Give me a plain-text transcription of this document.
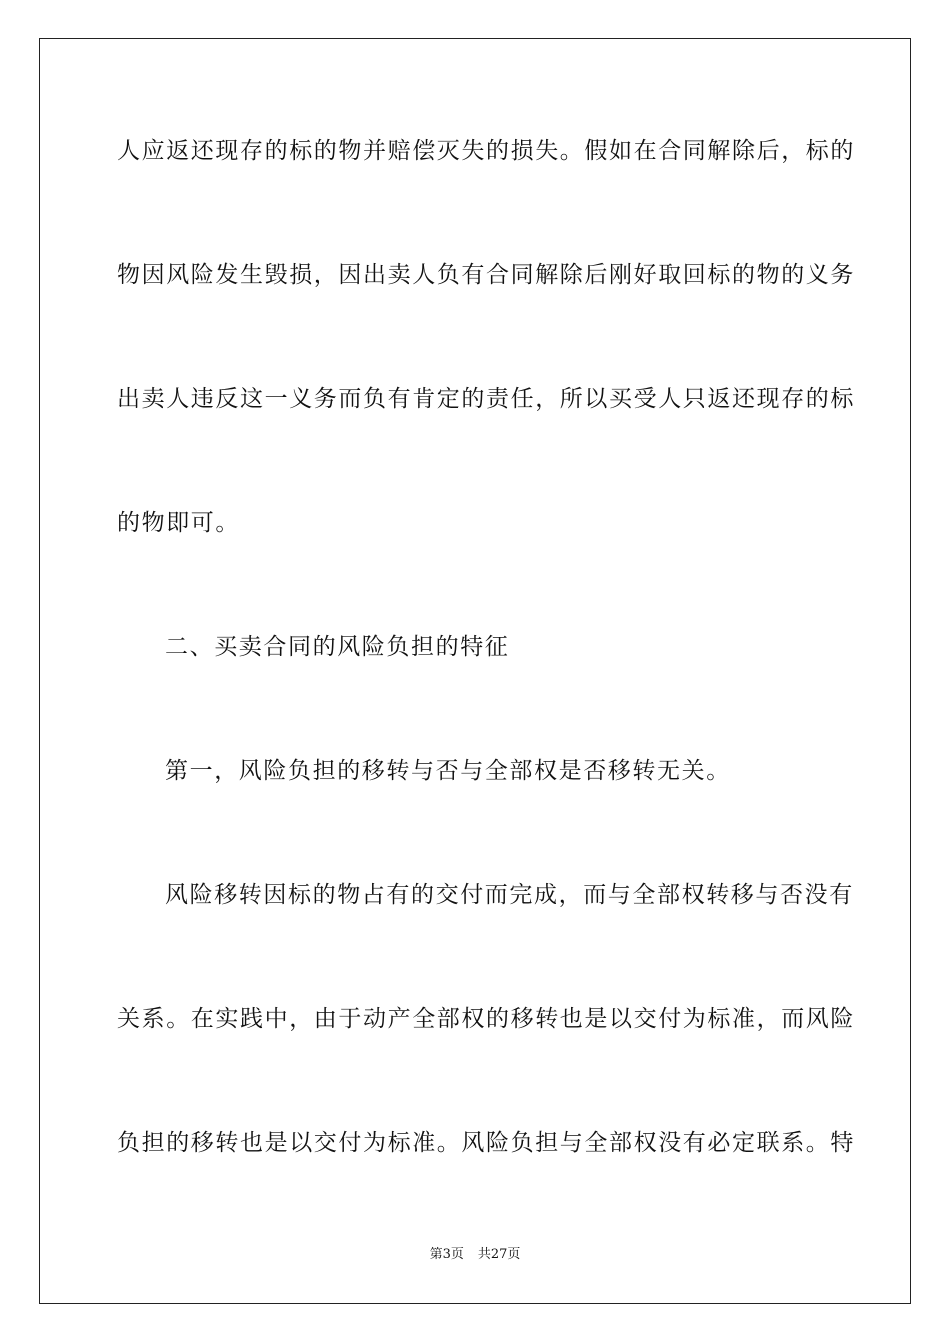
人应返还现存的标的物并赔偿灭失的损失。假如在合同解除后，标的
物因风险发生毁损，因出卖人负有合同解除后刚好取回标的物的义务
出卖人违反这一义务而负有肯定的责任，所以买受人只返还现存的标
的物即可。
二、买卖合同的风险负担的特征
第一，风险负担的移转与否与全部权是否移转无关。
风险移转因标的物占有的交付而完成，而与全部权转移与否没有
关系。在实践中，由于动产全部权的移转也是以交付为标准，而风险
负担的移转也是以交付为标准。风险负担与全部权没有必定联系。特
第3页 共27页
